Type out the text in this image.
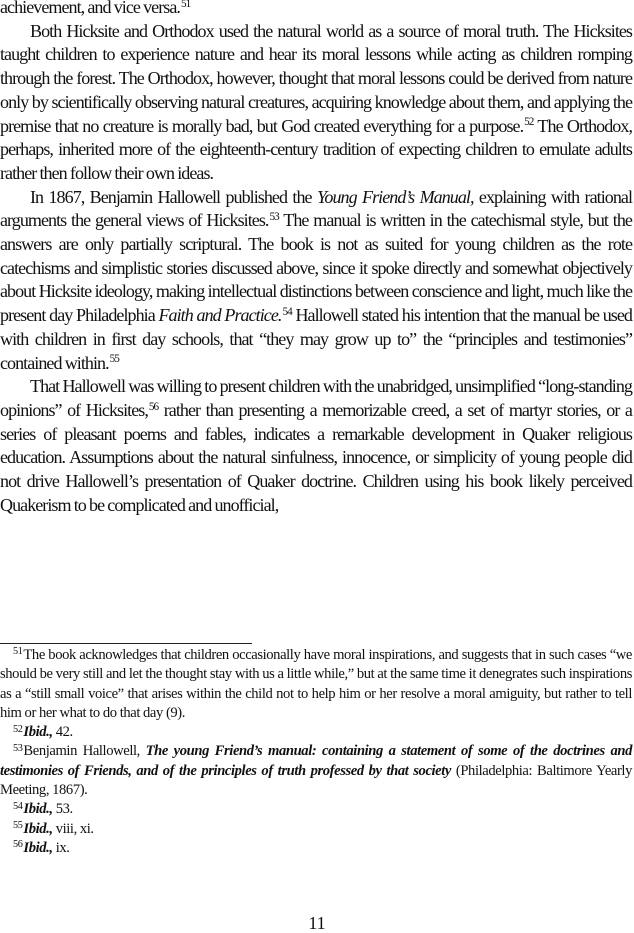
achievement, and vice versa.$^{51}$

Both Hicksite and Orthodox used the natural world as a source of moral truth. The Hicksites taught children to experience nature and hear its moral lessons while acting as children romping through the forest. The Orthodox, however, thought that moral lessons could be derived from nature only by scientifically observing natural creatures, acquiring knowledge about them, and applying the premise that no creature is morally bad, but God created everything for a purpose.$^{52}$ The Orthodox, perhaps, inherited more of the eighteenth-century tradition of expecting children to emulate adults rather then follow their own ideas.

In 1867, Benjamin Hallowell published the Young Friend’s Manual, explaining with rational arguments the general views of Hicksites.$^{53}$ The manual is written in the catechismal style, but the answers are only partially scriptural. The book is not as suited for young children as the rote catechisms and simplistic stories discussed above, since it spoke directly and somewhat objectively about Hicksite ideology, making intellectual distinctions between conscience and light, much like the present day Philadelphia Faith and Practice.$^{54}$ Hallowell stated his intention that the manual be used with children in first day schools, that “they may grow up to” the “principles and testimonies” contained within.$^{55}$

That Hallowell was willing to present children with the unabridged, unsimplified “long-standing opinions” of Hicksites,$^{56}$ rather than presenting a memorizable creed, a set of martyr stories, or a series of pleasant poems and fables, indicates a remarkable development in Quaker religious education. Assumptions about the natural sinfulness, innocence, or simplicity of young people did not drive Hallowell’s presentation of Quaker doctrine. Children using his book likely perceived Quakerism to be complicated and unofficial,

$^{51}$The book acknowledges that children occasionally have moral inspirations, and suggests that in such cases “we should be very still and let the thought stay with us a little while,” but at the same time it denegrates such inspirations as a “still small voice” that arises within the child not to help him or her resolve a moral amiguity, but rather to tell him or her what to do that day (9).

$^{52}$Ibid., 42.

$^{53}$Benjamin Hallowell, The young Friend’s manual: containing a statement of some of the doctrines and testimonies of Friends, and of the principles of truth professed by that society (Philadelphia: Baltimore Yearly Meeting, 1867).

$^{54}$Ibid., 53.

$^{55}$Ibid., viii, xi.

$^{56}$Ibid., ix.

11
